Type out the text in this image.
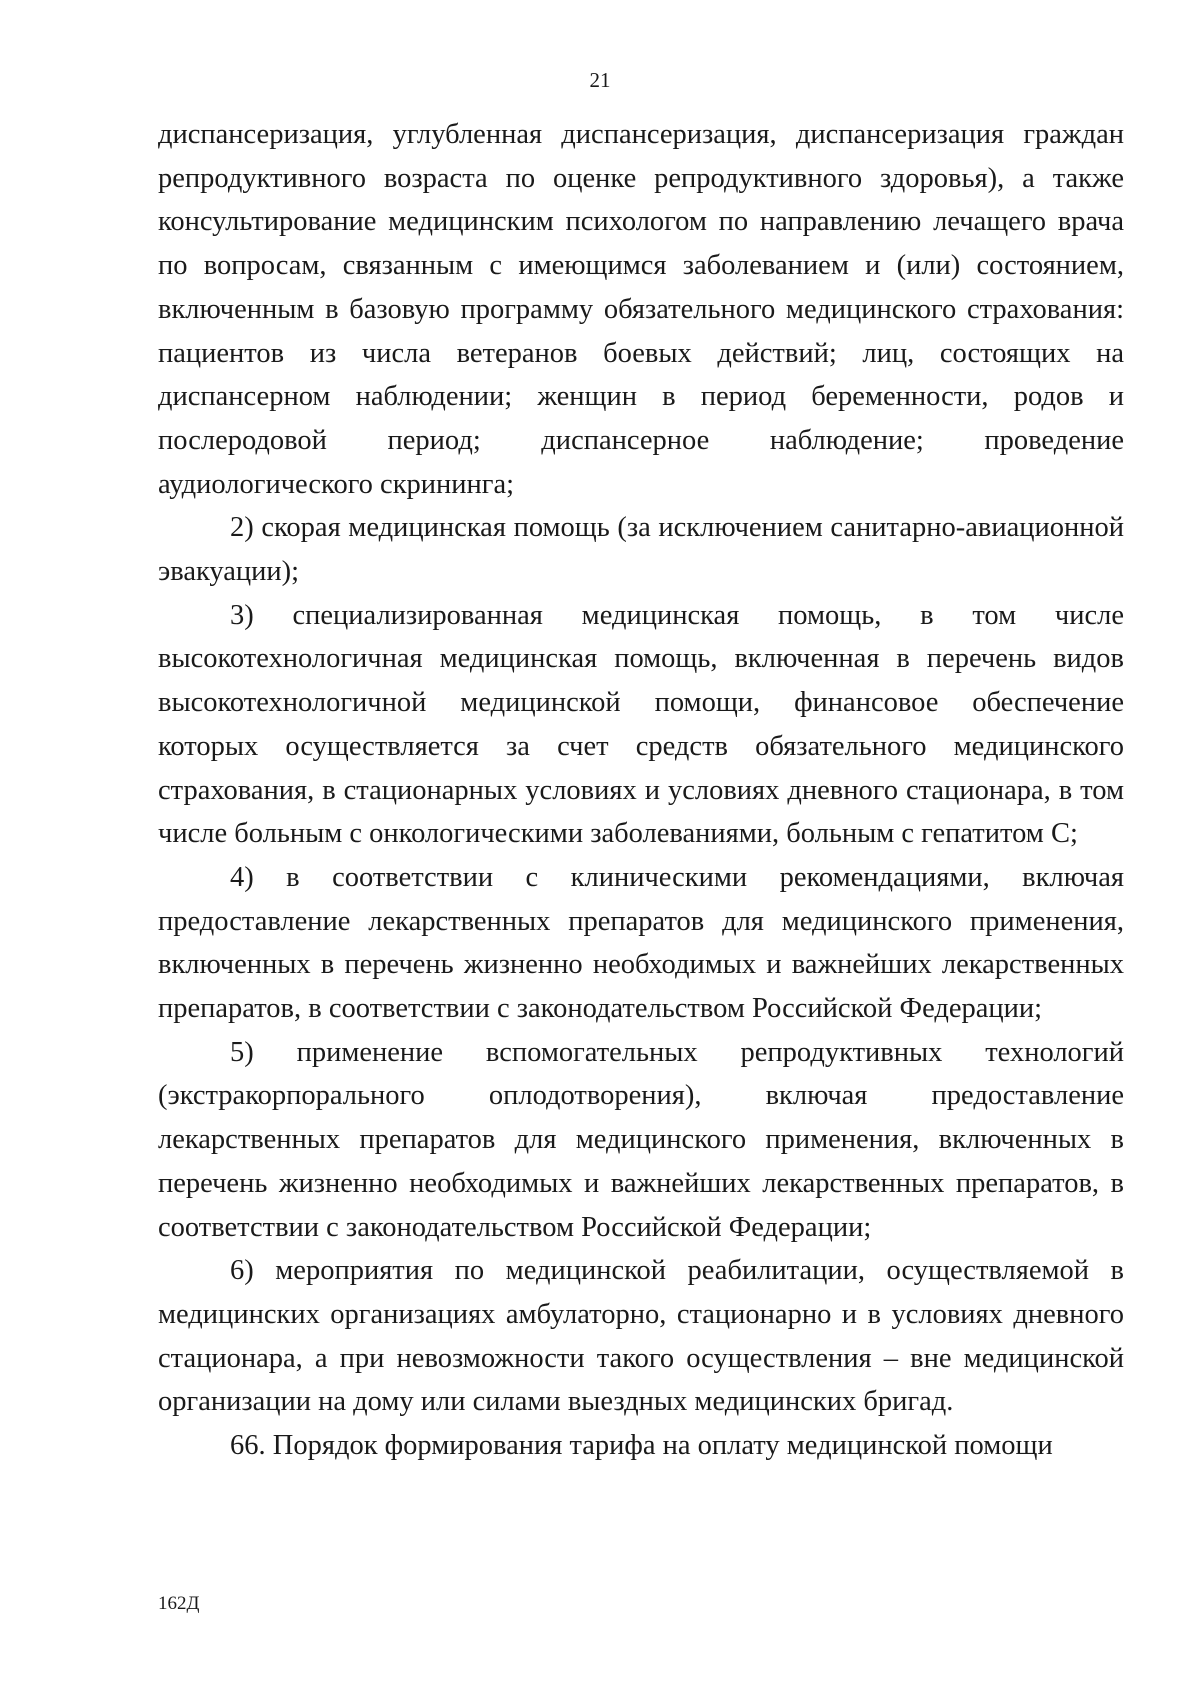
21

диспансеризация, углубленная диспансеризация, диспансеризация граждан репродуктивного возраста по оценке репродуктивного здоровья), а также консультирование медицинским психологом по направлению лечащего врача по вопросам, связанным с имеющимся заболеванием и (или) состоянием, включенным в базовую программу обязательного медицинского страхования: пациентов из числа ветеранов боевых действий; лиц, состоящих на диспансерном наблюдении; женщин в период беременности, родов и послеродовой период; диспансерное наблюдение; проведение аудиологического скрининга;

2) скорая медицинская помощь (за исключением санитарно-авиационной эвакуации);

3) специализированная медицинская помощь, в том числе высокотехнологичная медицинская помощь, включенная в перечень видов высокотехнологичной медицинской помощи, финансовое обеспечение которых осуществляется за счет средств обязательного медицинского страхования, в стационарных условиях и условиях дневного стационара, в том числе больным с онкологическими заболеваниями, больным с гепатитом С;

4) в соответствии с клиническими рекомендациями, включая предоставление лекарственных препаратов для медицинского применения, включенных в перечень жизненно необходимых и важнейших лекарственных препаратов, в соответствии с законодательством Российской Федерации;

5) применение вспомогательных репродуктивных технологий (экстракорпорального оплодотворения), включая предоставление лекарственных препаратов для медицинского применения, включенных в перечень жизненно необходимых и важнейших лекарственных препаратов, в соответствии с законодательством Российской Федерации;

6) мероприятия по медицинской реабилитации, осуществляемой в медицинских организациях амбулаторно, стационарно и в условиях дневного стационара, а при невозможности такого осуществления – вне медицинской организации на дому или силами выездных медицинских бригад.

66. Порядок формирования тарифа на оплату медицинской помощи

162Д
